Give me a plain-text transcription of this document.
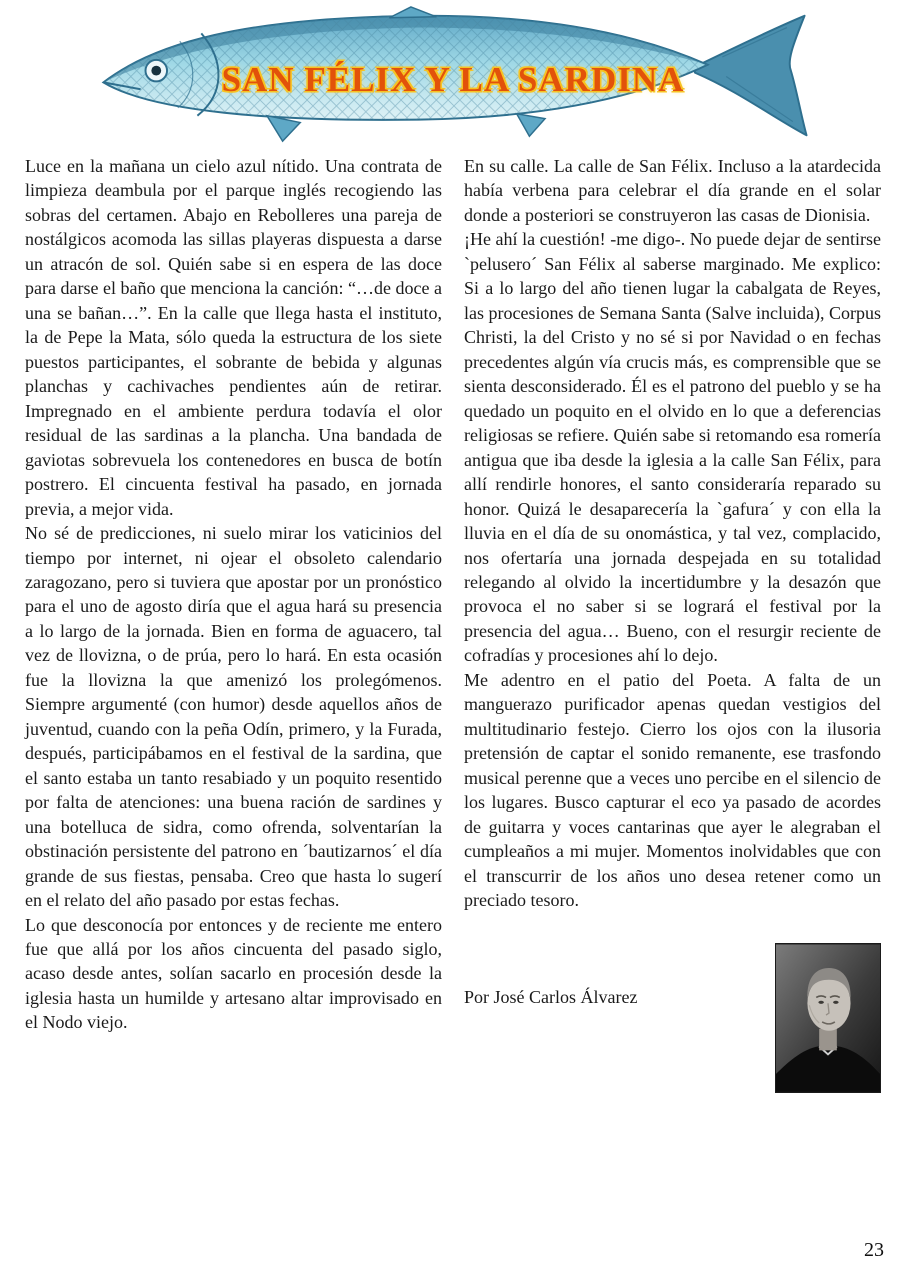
SAN FÉLIX Y LA SARDINA

Luce en la mañana un cielo azul nítido. Una contrata de limpieza deambula por el parque inglés recogiendo las sobras del certamen. Abajo en Rebolleres una pareja de nostálgicos acomoda las sillas playeras dispuesta a darse un atracón de sol. Quién sabe si en espera de las doce para darse el baño que menciona la canción: “…de doce a una se bañan…”. En la calle que llega hasta el instituto, la de Pepe la Mata, sólo queda la estructura de los siete puestos participantes, el sobrante de bebida y algunas planchas y cachivaches pendientes aún de retirar. Impregnado en el ambiente perdura todavía el olor residual de las sardinas a la plancha. Una bandada de gaviotas sobrevuela los contenedores en busca de botín postrero. El cincuenta festival ha pasado, en jornada previa, a mejor vida.

No sé de predicciones, ni suelo mirar los vaticinios del tiempo por internet, ni ojear el obsoleto calendario zaragozano, pero si tuviera que apostar por un pronóstico para el uno de agosto diría que el agua hará su presencia a lo largo de la jornada. Bien en forma de aguacero, tal vez de llovizna, o de prúa, pero lo hará. En esta ocasión fue la llovizna la que amenizó los prolegómenos. Siempre argumenté (con humor) desde aquellos años de juventud, cuando con la peña Odín, primero, y la Furada, después, participábamos en el festival de la sardina, que el santo estaba un tanto resabiado y un poquito resentido por falta de atenciones: una buena ración de sardines y una botelluca de sidra, como ofrenda, solventarían la obstinación persistente del patrono en ´bautizarnos´ el día grande de sus fiestas, pensaba. Creo que hasta lo sugerí en el relato del año pasado por estas fechas.

Lo que desconocía por entonces y de reciente me entero fue que allá por los años cincuenta del pasado siglo, acaso desde antes, solían sacarlo en procesión desde la iglesia hasta un humilde y artesano altar improvisado en el Nodo viejo.

En su calle. La calle de San Félix. Incluso a la atardecida había verbena para celebrar el día grande en el solar donde a posteriori se construyeron las casas de Dionisia.

¡He ahí la cuestión! -me digo-. No puede dejar de sentirse `pelusero´ San Félix al saberse marginado. Me explico: Si a lo largo del año tienen lugar la cabalgata de Reyes, las procesiones de Semana Santa (Salve incluida), Corpus Christi, la del Cristo y no sé si por Navidad o en fechas precedentes algún vía crucis más, es comprensible que se sienta desconsiderado. Él es el patrono del pueblo y se ha quedado un poquito en el olvido en lo que a deferencias religiosas se refiere. Quién sabe si retomando esa romería antigua que iba desde la iglesia a la calle San Félix, para allí rendirle honores, el santo consideraría reparado su honor. Quizá le desaparecería la `gafura´ y con ella la lluvia en el día de su onomástica, y tal vez, complacido, nos ofertaría una jornada despejada en su totalidad relegando al olvido la incertidumbre y la desazón que provoca el no saber si se logrará el festival por la presencia del agua… Bueno, con el resurgir reciente de cofradías y procesiones ahí lo dejo.

Me adentro en el patio del Poeta. A falta de un manguerazo purificador apenas quedan vestigios del multitudinario festejo. Cierro los ojos con la ilusoria pretensión de captar el sonido remanente, ese trasfondo musical perenne que a veces uno percibe en el silencio de los lugares. Busco capturar el eco ya pasado de acordes de guitarra y voces cantarinas que ayer le alegraban el cumpleaños a mi mujer. Momentos inolvidables que con el transcurrir de los años uno desea retener como un preciado tesoro.

Por José Carlos Álvarez
23
